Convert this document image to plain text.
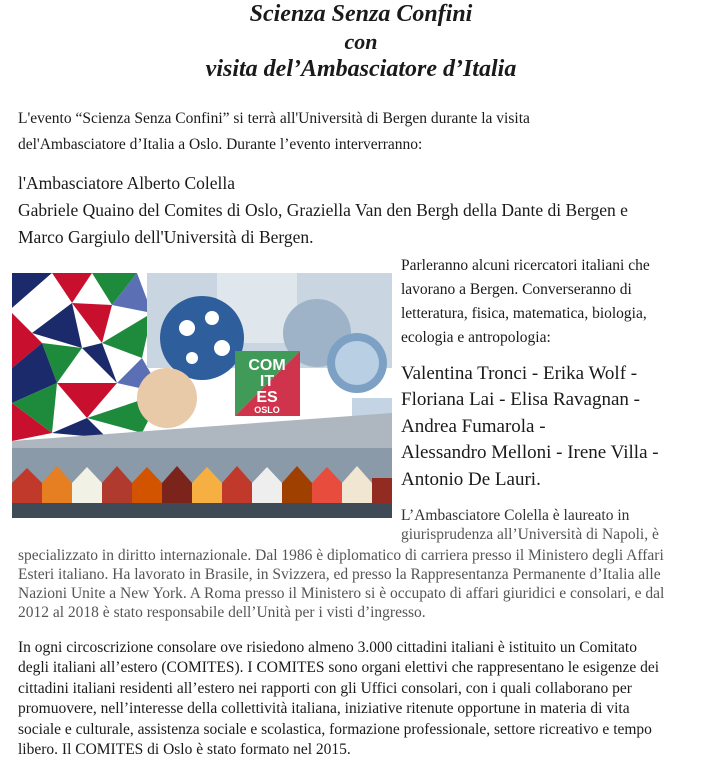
Scienza Senza Confini
con
visita del’Ambasciatore d’Italia
L'evento “Scienza Senza Confini” si terrà all'Università di Bergen durante la visita
del'Ambasciatore d’Italia a Oslo. Durante l’evento interverranno:
l'Ambasciatore Alberto Colella
Gabriele Quaino del Comites di Oslo, Graziella Van den Bergh della Dante di Bergen e
Marco Gargiulo dell'Università di Bergen.
COM
IT
ES
OSLO
Parleranno alcuni ricercatori italiani che
lavorano a Bergen. Converseranno di
letteratura, fisica, matematica, biologia,
ecologia e antropologia:
Valentina Tronci - Erika Wolf -
Floriana Lai - Elisa Ravagnan -
Andrea Fumarola -
Alessandro Melloni - Irene Villa -
Antonio De Lauri.
L’Ambasciatore Colella è laureato in
giurisprudenza all’Università di Napoli, è
specializzato in diritto internazionale. Dal 1986 è diplomatico di carriera presso il Ministero degli Affari
Esteri italiano. Ha lavorato in Brasile, in Svizzera, ed presso la Rappresentanza Permanente d’Italia alle
Nazioni Unite a New York. A Roma presso il Ministero si è occupato di affari giuridici e consolari, e dal
2012 al 2018 è stato responsabile dell’Unità per i visti d’ingresso.
In ogni circoscrizione consolare ove risiedono almeno 3.000 cittadini italiani è istituito un Comitato
degli italiani all’estero (COMITES). I COMITES sono organi elettivi che rappresentano le esigenze dei
cittadini italiani residenti all’estero nei rapporti con gli Uffici consolari, con i quali collaborano per
promuovere, nell’interesse della collettività italiana, iniziative ritenute opportune in materia di vita
sociale e culturale, assistenza sociale e scolastica, formazione professionale, settore ricreativo e tempo
libero. Il COMITES di Oslo è stato formato nel 2015.
